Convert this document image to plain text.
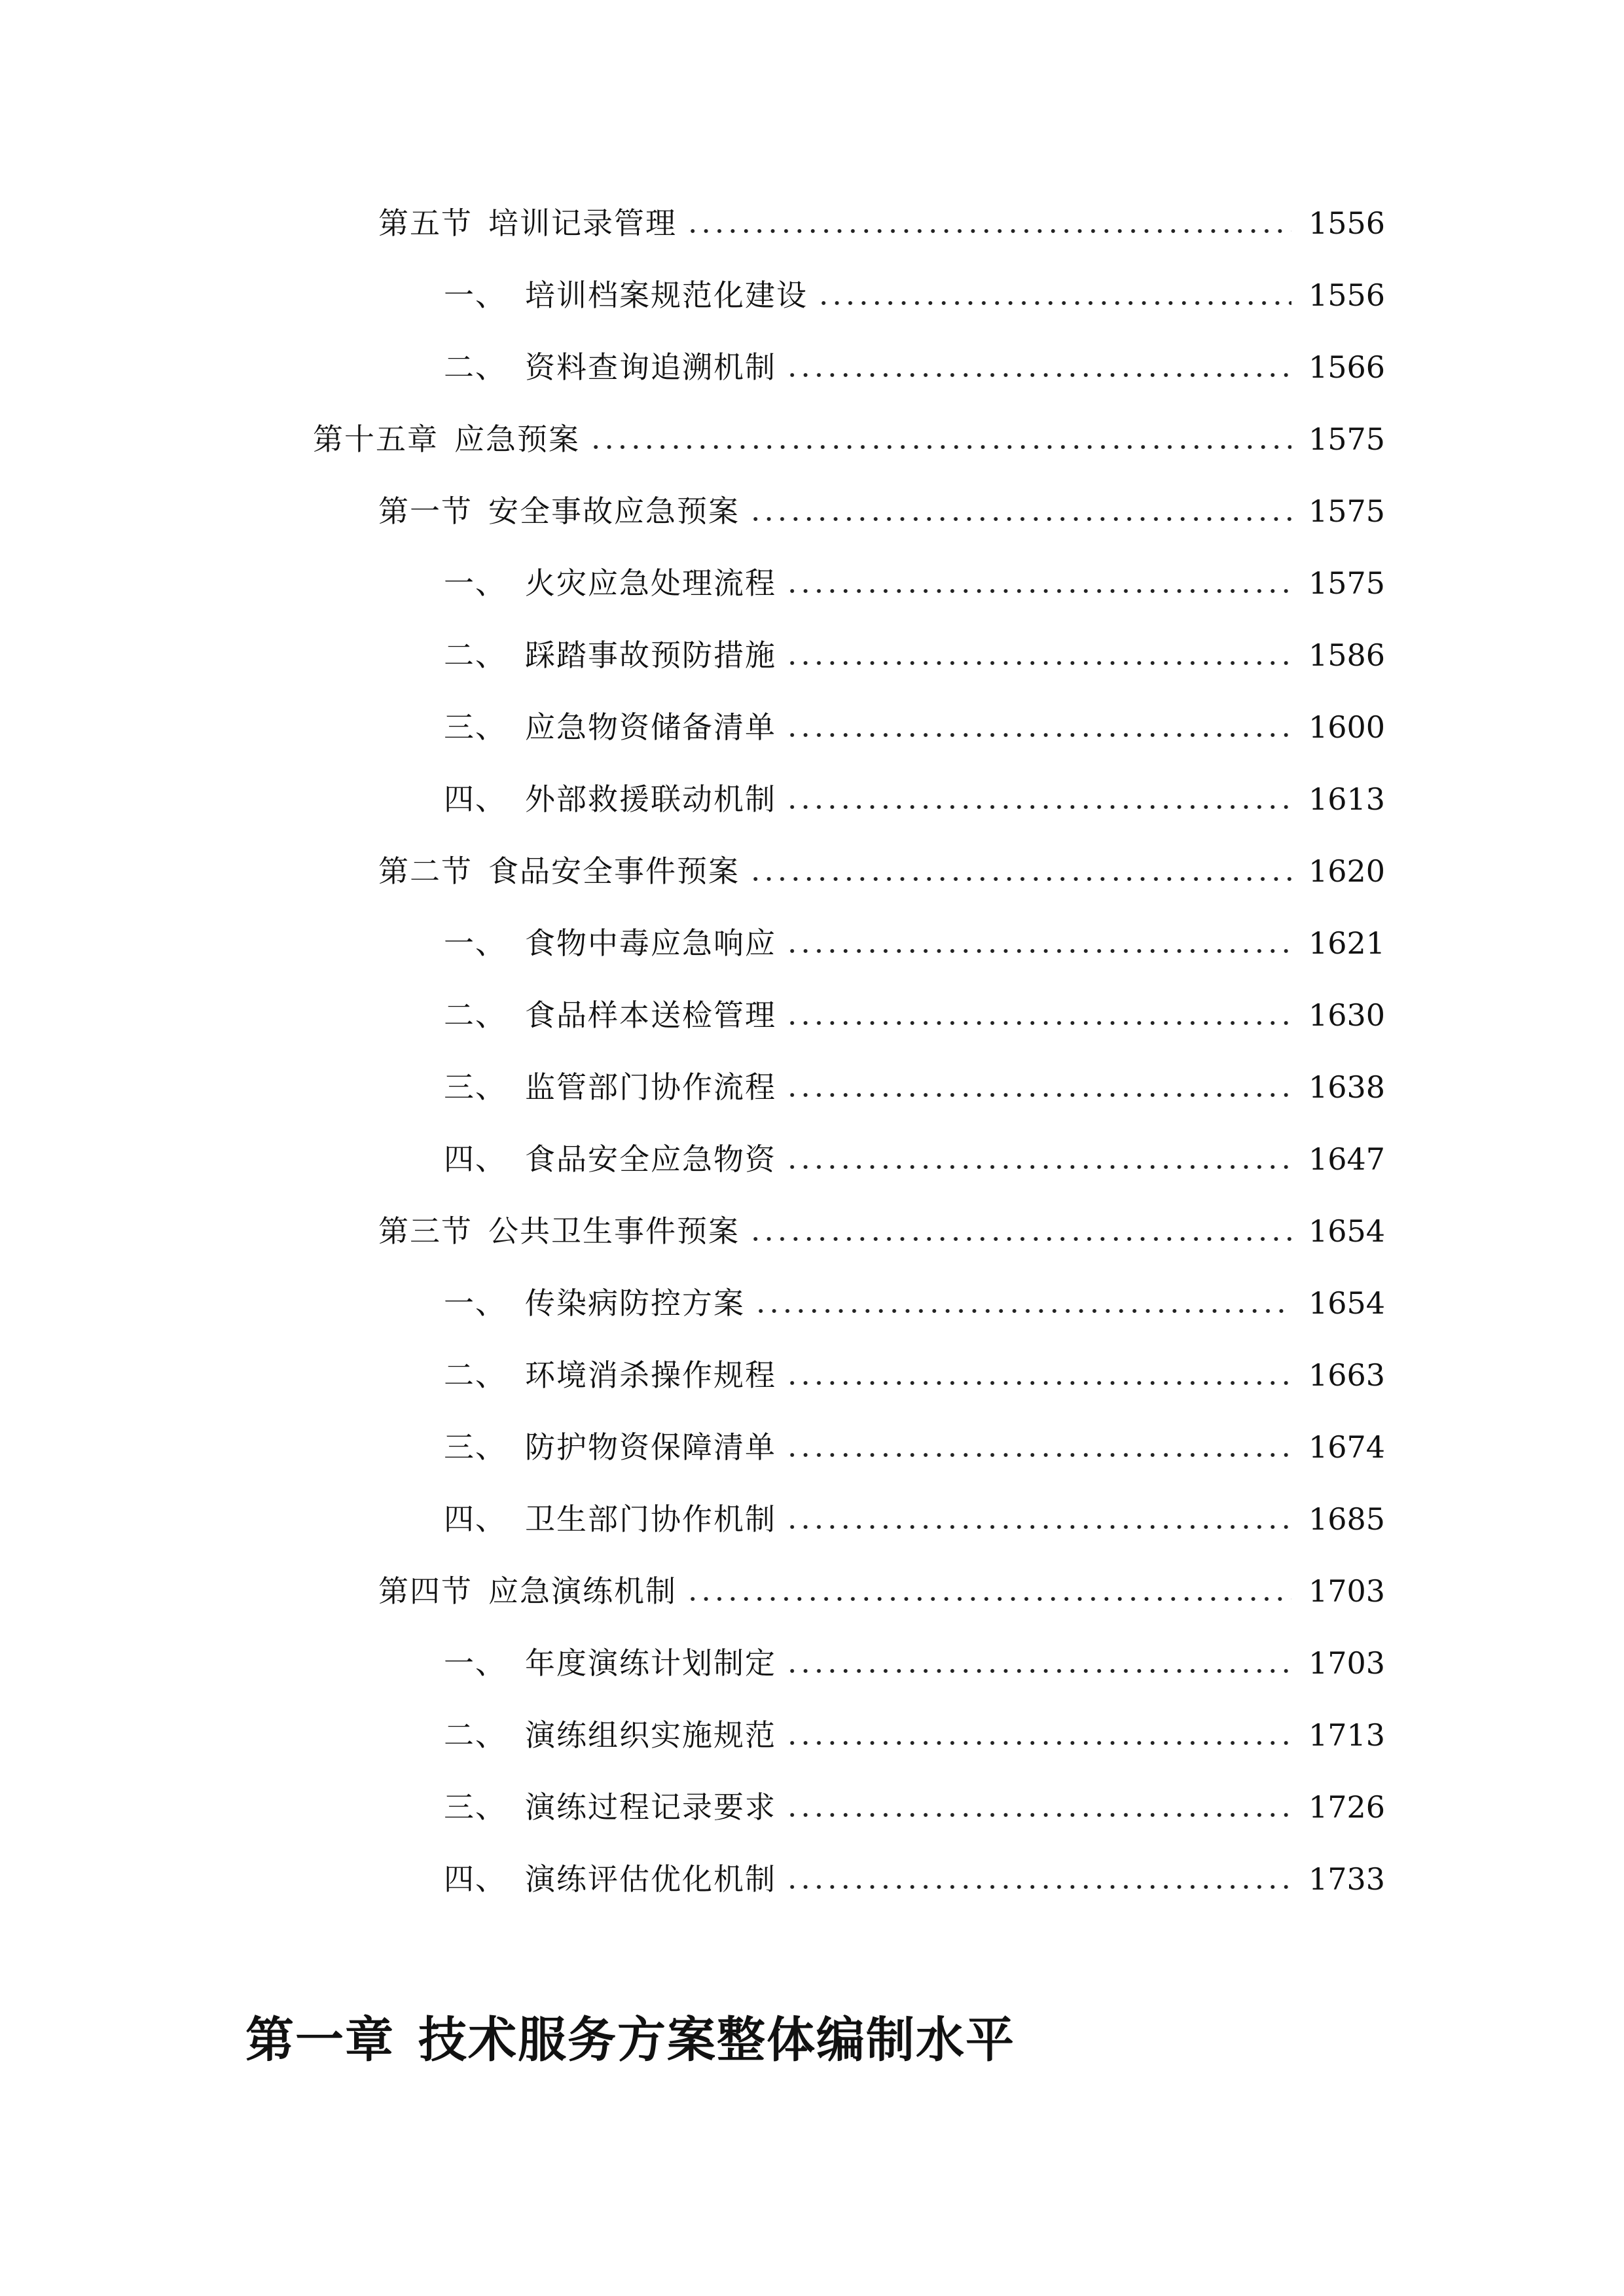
第五节 培训记录管理	1556
一、 培训档案规范化建设	1556
二、 资料查询追溯机制	1566
第十五章 应急预案	1575
第一节 安全事故应急预案	1575
一、 火灾应急处理流程	1575
二、 踩踏事故预防措施	1586
三、 应急物资储备清单	1600
四、 外部救援联动机制	1613
第二节 食品安全事件预案	1620
一、 食物中毒应急响应	1621
二、 食品样本送检管理	1630
三、 监管部门协作流程	1638
四、 食品安全应急物资	1647
第三节 公共卫生事件预案	1654
一、 传染病防控方案	1654
二、 环境消杀操作规程	1663
三、 防护物资保障清单	1674
四、 卫生部门协作机制	1685
第四节 应急演练机制	1703
一、 年度演练计划制定	1703
二、 演练组织实施规范	1713
三、 演练过程记录要求	1726
四、 演练评估优化机制	1733
第一章 技术服务方案整体编制水平
